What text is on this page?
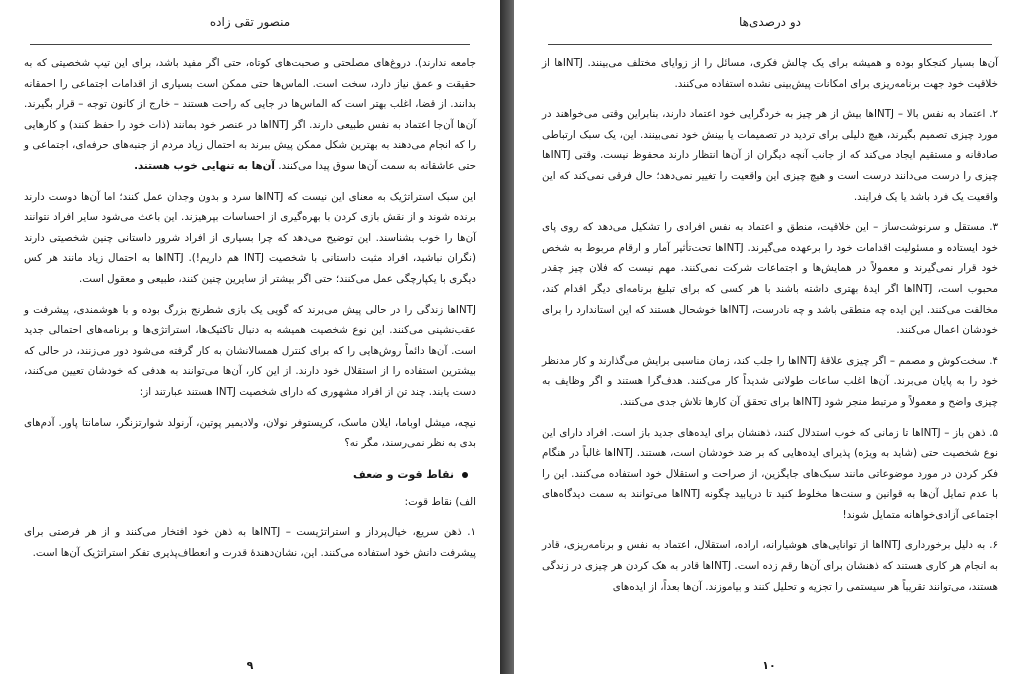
منصور تقی زاده

جامعه ندارند). دروغ‌های مصلحتی و صحبت‌های کوتاه، حتی اگر مفید باشد، برای این تیپ شخصیتی که به حقیقت و عمق نیاز دارد، سخت است. الماس‌ها حتی ممکن است بسیاری از اقدامات اجتماعی را احمقانه بدانند. از قضا، اغلب بهتر است که الماس‌ها در جایی که راحت هستند – خارج از کانون توجه – قرار بگیرند. آن‌ها آن‌جا اعتماد به نفس طبیعی دارند. اگر INTJها در عنصر خود بمانند (ذات خود را حفظ کنند) و کارهایی را که انجام می‌دهند به بهترین شکل ممکن پیش ببرند به احتمال زیاد مردم از جنبه‌های حرفه‌ای، اجتماعی و حتی عاشقانه به سمت آن‌ها سوق پیدا می‌کنند. آن‌ها به تنهایی خوب هستند.

این سبک استراتژیک به معنای این نیست که INTJها سرد و بدون وجدان عمل کنند؛ اما آن‌ها دوست دارند برنده شوند و از نقش بازی کردن با بهره‌گیری از احساسات بپرهیزند. این باعث می‌شود سایر افراد نتوانند آن‌ها را خوب بشناسند. این توضیح می‌دهد که چرا بسیاری از افراد شرور داستانی چنین شخصیتی دارند (نگران نباشید، افراد مثبت داستانی با شخصیت INTJ هم داریم!). INTJها به احتمال زیاد مانند هر کس دیگری با یکپارچگی عمل می‌کنند؛ حتی اگر بیشتر از سایرین چنین کنند، طبیعی و معقول است.

INTJها زندگی را در حالی پیش می‌برند که گویی یک بازی شطرنج بزرگ بوده و با هوشمندی، پیشرفت و عقب‌نشینی می‌کنند. این نوع شخصیت همیشه به دنبال تاکتیک‌ها، استراتژی‌ها و برنامه‌های احتمالی جدید است. آن‌ها دائماً روش‌هایی را که برای کنترل همسالانشان به کار گرفته می‌شود دور می‌زنند، در حالی که بیشترین استفاده را از استقلال خود دارند. از این کار، آن‌ها می‌توانند به هدفی که خودشان تعیین می‌کنند، دست یابند. چند تن از افراد مشهوری که دارای شخصیت INTJ هستند عبارتند از:

نیچه، میشل اوباما، ایلان ماسک، کریستوفر نولان، ولادیمیر پوتین، آرنولد شوارتزنگر، سامانتا پاور. آدم‌های بدی به نظر نمی‌رسند، مگر نه؟

نقاط قوت و ضعف

الف) نقاط قوت:

۱. ذهن سریع، خیال‌پرداز و استراتژیست – INTJها به ذهن خود افتخار می‌کنند و از هر فرصتی برای پیشرفت دانش خود استفاده می‌کنند. این، نشان‌دهندۀ قدرت و انعطاف‌پذیری تفکر استراتژیک آن‌ها است.

۹
دو درصدی‌ها

آن‌ها بسیار کنجکاو بوده و همیشه برای یک چالش فکری، مسائل را از زوایای مختلف می‌بینند. INTJها از خلاقیت خود جهت برنامه‌ریزی برای امکانات پیش‌بینی نشده استفاده می‌کنند.

۲. اعتماد به نفس بالا – INTJها بیش از هر چیز به خردگرایی خود اعتماد دارند، بنابراین وقتی می‌خواهند در مورد چیزی تصمیم بگیرند، هیچ دلیلی برای تردید در تصمیمات یا بینش خود نمی‌بینند. این، یک سبک ارتباطی صادقانه و مستقیم ایجاد می‌کند که از جانب آنچه دیگران از آن‌ها انتظار دارند محفوظ نیست. وقتی INTJها چیزی را درست می‌دانند درست است و هیچ چیزی این واقعیت را تغییر نمی‌دهد؛ حال فرقی نمی‌کند که این واقعیت یک فرد باشد یا یک فرایند.

۳. مستقل و سرنوشت‌ساز – این خلاقیت، منطق و اعتماد به نفس افرادی را تشکیل می‌دهد که روی پای خود ایستاده و مسئولیت اقدامات خود را برعهده می‌گیرند. INTJها تحت‌تأثیر آمار و ارقام مربوط به شخص خود قرار نمی‌گیرند و معمولاً در همایش‌ها و اجتماعات شرکت نمی‌کنند. مهم نیست که فلان چیز چقدر محبوب است، INTJها اگر ایدۀ بهتری داشته باشند با هر کسی که برای تبلیغ برنامه‌ای دیگر اقدام کند، مخالفت می‌کنند. این ایده چه منطقی باشد و چه نادرست، INTJها خوشحال هستند که این استاندارد را برای خودشان اعمال می‌کنند.

۴. سخت‌کوش و مصمم – اگر چیزی علاقۀ INTJها را جلب کند، زمان مناسبی برایش می‌گذارند و کار مدنظر خود را به پایان می‌برند. آن‌ها اغلب ساعات طولانی شدیداً کار می‌کنند. هدف‌گرا هستند و اگر وظایف به چیزی واضح و معمولاً و مرتبط منجر شود INTJها برای تحقق آن کارها تلاش جدی می‌کنند.

۵. ذهن باز – INTJها تا زمانی که خوب استدلال کنند، ذهنشان برای ایده‌های جدید باز است. افراد دارای این نوع شخصیت حتی (شاید به ویژه) پذیرای ایده‌هایی که بر ضد خودشان است، هستند. INTJها غالباً در هنگام فکر کردن در مورد موضوعاتی مانند سبک‌های جایگزین، از صراحت و استقلال خود استفاده می‌کنند. این را با عدم تمایل آن‌ها به قوانین و سنت‌ها مخلوط کنید تا دریابید چگونه INTJها می‌توانند به سمت دیدگاه‌های اجتماعی آزادی‌خواهانه متمایل شوند!

۶. به دلیل برخورداری INTJها از توانایی‌های هوشیارانه، اراده، استقلال، اعتماد به نفس و برنامه‌ریزی، قادر به انجام هر کاری هستند که ذهنشان برای آن‌ها رقم زده است. INTJها قادر به هک کردن هر چیزی در زندگی هستند، می‌توانند تقریباً هر سیستمی را تجزیه و تحلیل کنند و بیاموزند. آن‌ها بعداً، از ایده‌های

۱۰
